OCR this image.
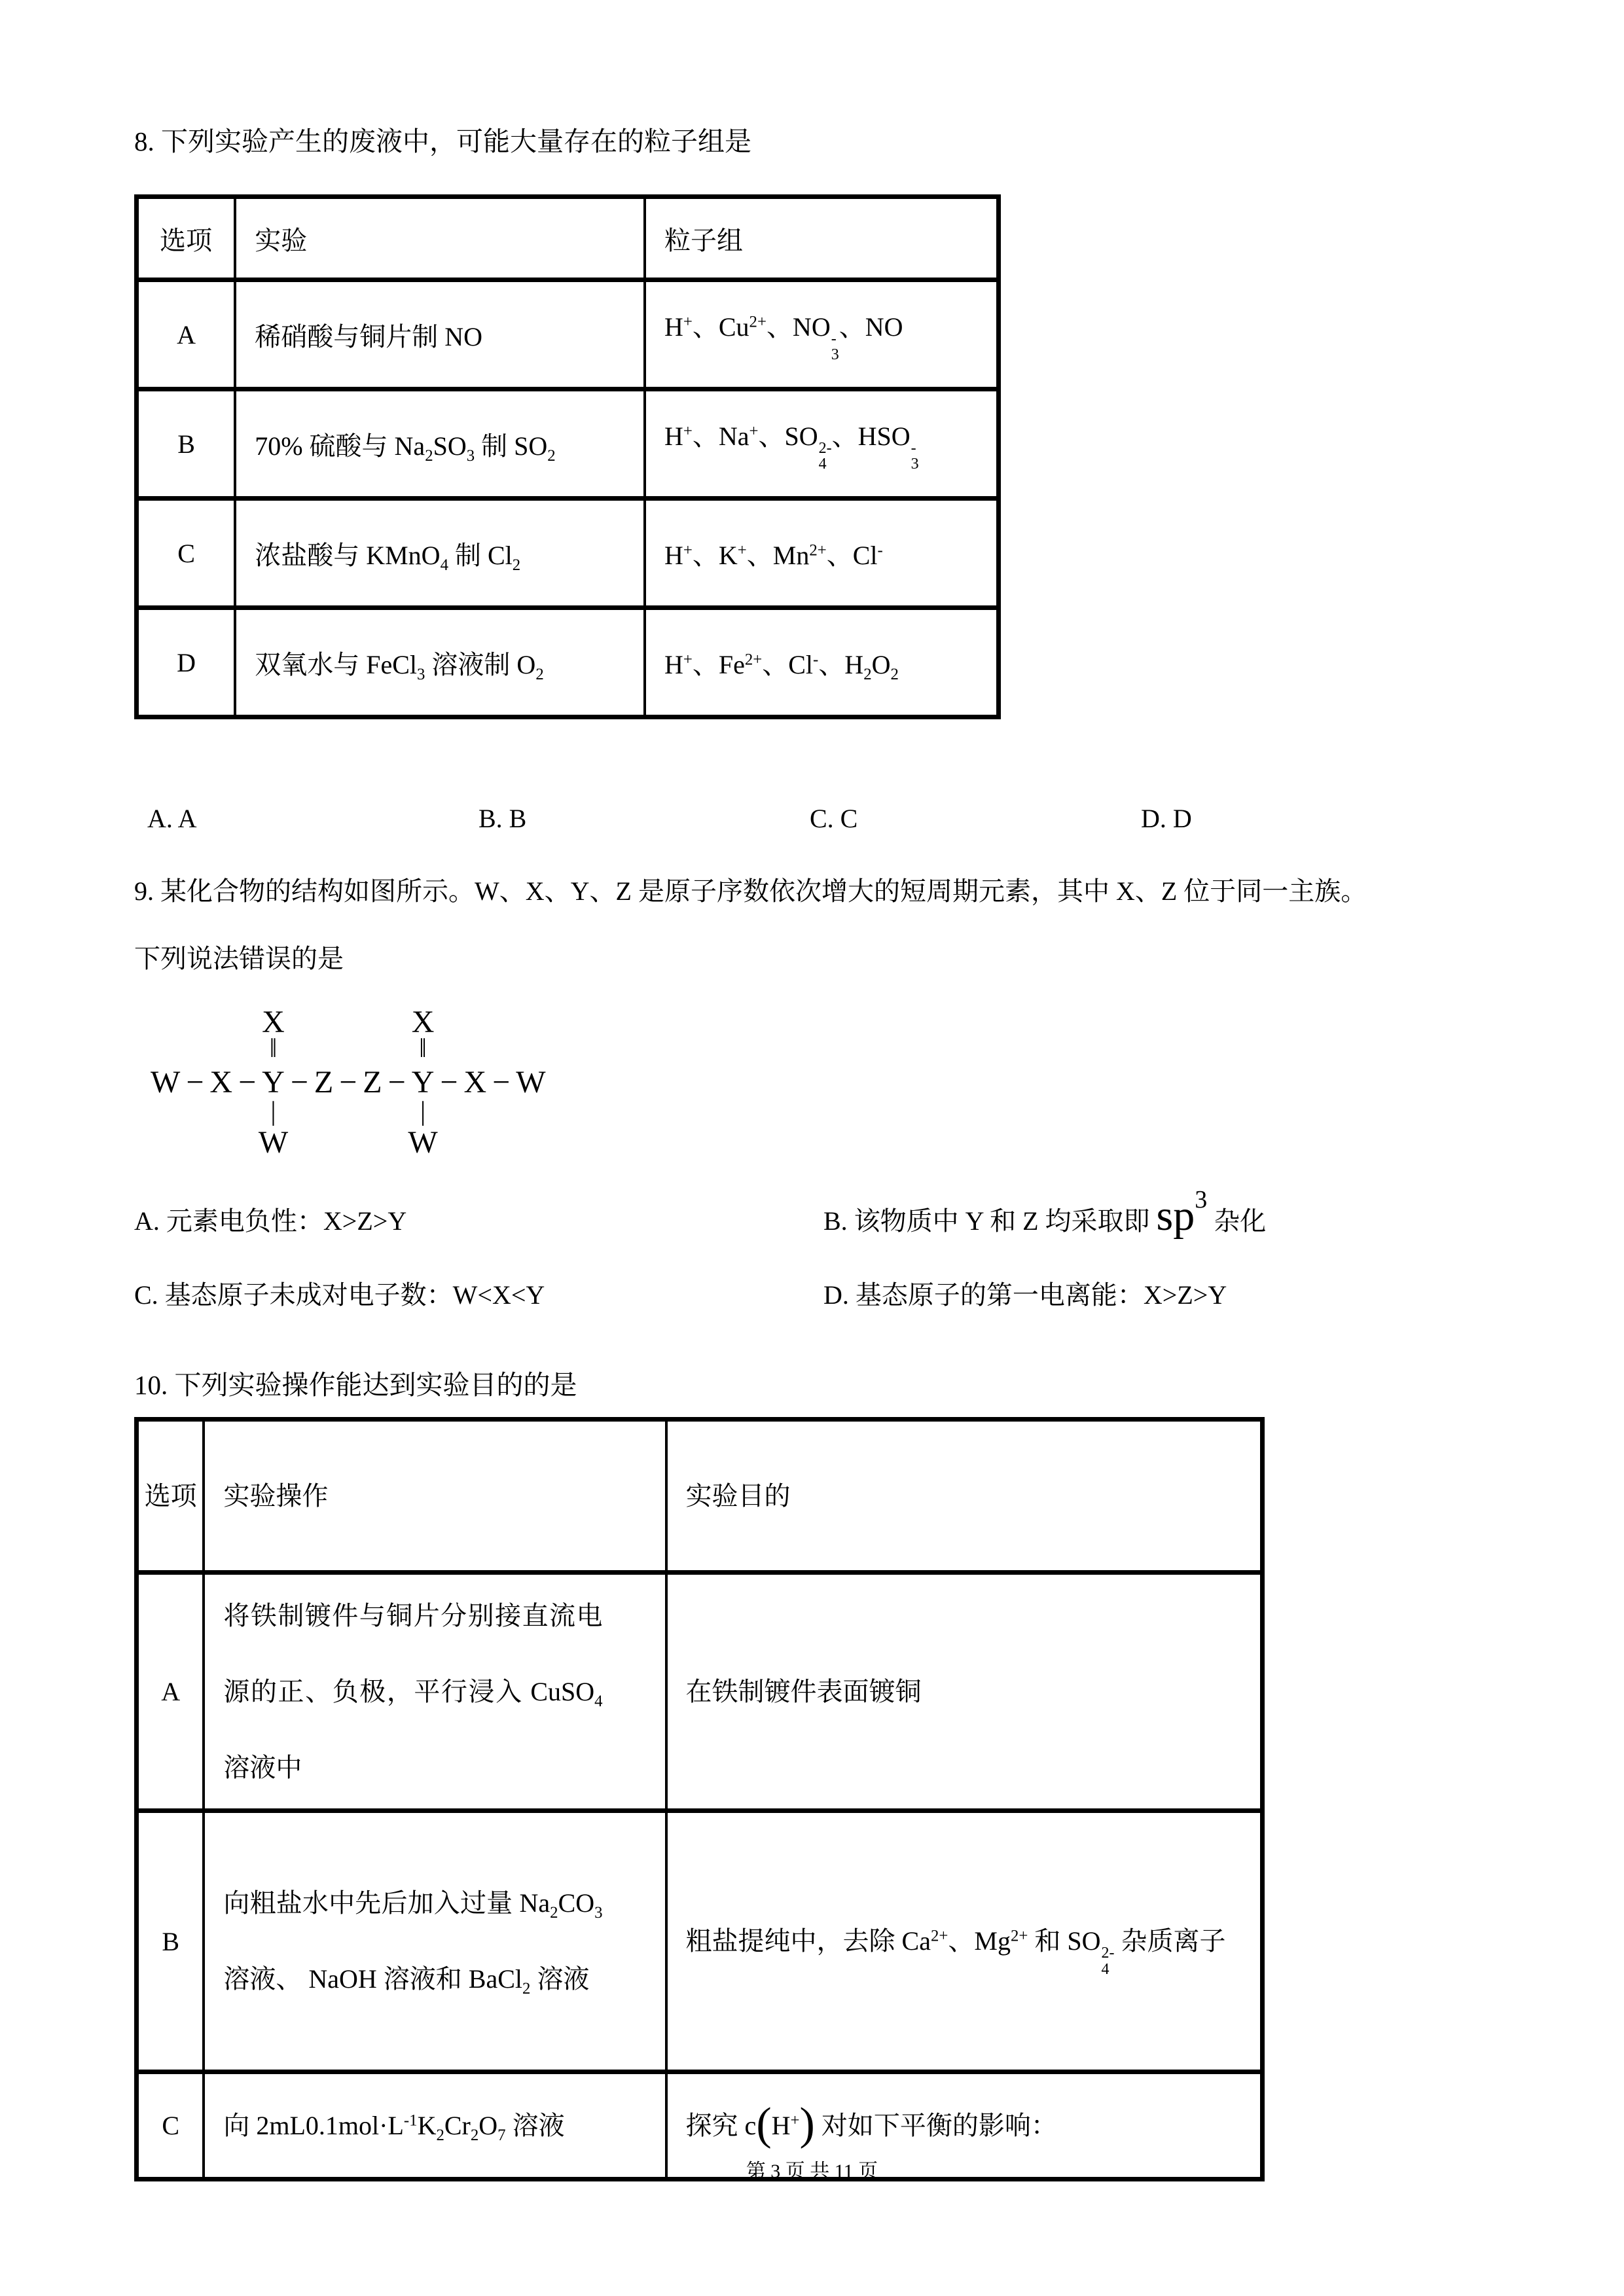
8. 下列实验产生的废液中，可能大量存在的粒子组是
选项	实验	粒子组
A	稀硝酸与铜片制 NO	H+、$Cu^{2+}$、NO -
3
、NO
B	70% 硫酸与 $Na_2SO_3$ 制 $SO_2$	H+、Na+、SO 2-
4
、HSO -
3

C	浓盐酸与 KMnO$_4$ 制 $Cl_2$	H+、K+、$Mn^{2+}$、Cl-
D	双氧水与 FeCl$_3$ 溶液制 $O_2$	H+、$Fe^{2+}$、Cl-、$H_2O_2$
A. A	B. B	C. C	D. D
9. 某化合物的结构如图所示。W、X、Y、Z 是原子序数依次增大的短周期元素，其中 X、Z 位于同一主族。
下列说法错误的是
W − X −
X
‖
Y
|
W
− Z − Z −
X
‖
Y
|
W
− X − W
A. 元素电负性：X>Z>Y	B. 该物质中 Y 和 Z 均采取即 sp3 杂化
C. 基态原子未成对电子数：W<X<Y	D. 基态原子的第一电离能：X>Z>Y
10. 下列实验操作能达到实验目的的是
选项	实验操作	实验目的
A	将铁制镀件与铜片分别接直流电源的正、负极，平行浸入 CuSO$_4$ 溶液中	在铁制镀件表面镀铜
B	向粗盐水中先后加入过量 $Na_2CO_3$ 溶液、 NaOH 溶液和 BaCl$_2$ 溶液	粗盐提纯中，去除 $Ca^{2+}$、$Mg^{2+}$ 和 SO 2-
4
杂质离子
C	向 $2mL0.1mol\cdot L^{-1}K_2Cr_2O_7$ 溶液	探究 c(H+) 对如下平衡的影响：
第 3 页 共 11 页
